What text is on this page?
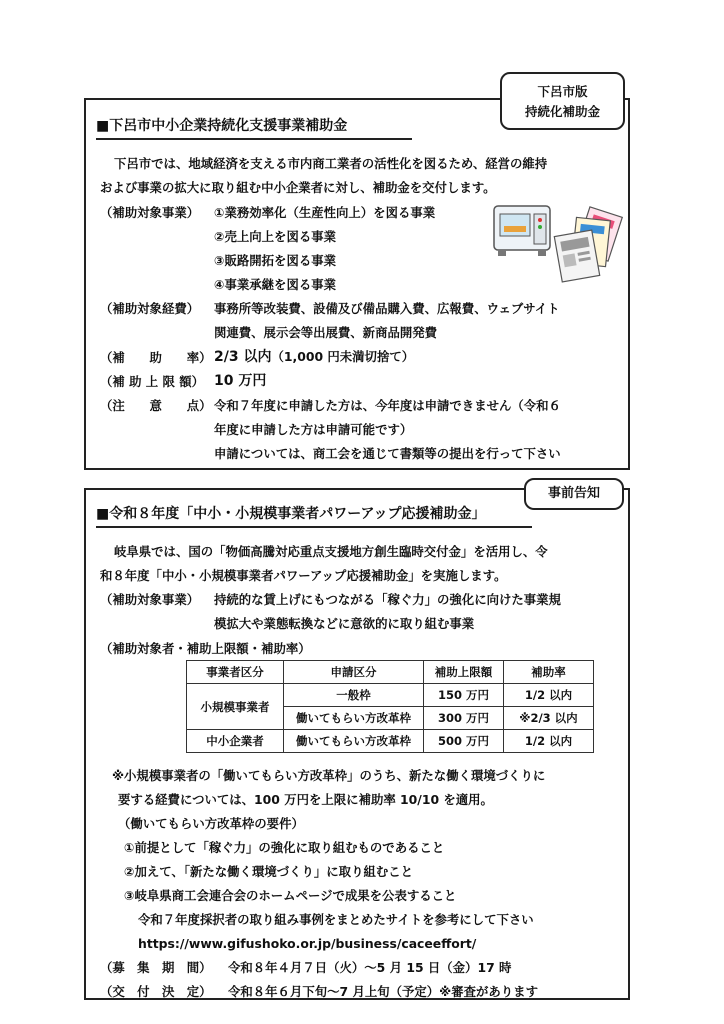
下呂市版
持続化補助金
■下呂市中小企業持続化支援事業補助金
下呂市では、地域経済を支える市内商工業者の活性化を図るため、経営の維持
および事業の拡大に取り組む中小企業者に対し、補助金を交付します。
（補助対象事業） ①業務効率化（生産性向上）を図る事業
②売上向上を図る事業
③販路開拓を図る事業
④事業承継を図る事業
（補助対象経費） 事務所等改装費、設備及び備品購入費、広報費、ウェブサイト
関連費、展示会等出展費、新商品開発費
（補　　助　　率） 2/3 以内（1,000 円未満切捨て）
（補 助 上 限 額） 10 万円
（注　　意　　点） 令和７年度に申請した方は、今年度は申請できません（令和６
年度に申請した方は申請可能です）
申請については、商工会を通じて書類等の提出を行って下さい
事前告知
■令和８年度「中小・小規模事業者パワーアップ応援補助金」
岐阜県では、国の「物価高騰対応重点支援地方創生臨時交付金」を活用し、令
和８年度「中小・小規模事業者パワーアップ応援補助金」を実施します。
（補助対象事業） 持続的な賃上げにもつながる「稼ぐ力」の強化に向けた事業規
模拡大や業態転換などに意欲的に取り組む事業
（補助対象者・補助上限額・補助率）
事業者区分	申請区分	補助上限額	補助率
小規模事業者	一般枠	150 万円	1/2 以内
	働いてもらい方改革枠	300 万円	※2/3 以内
中小企業者	働いてもらい方改革枠	500 万円	1/2 以内
※小規模事業者の「働いてもらい方改革枠」のうち、新たな働く環境づくりに
要する経費については、100 万円を上限に補助率 10/10 を適用。
（働いてもらい方改革枠の要件）
①前提として「稼ぐ力」の強化に取り組むものであること
②加えて、「新たな働く環境づくり」に取り組むこと
③岐阜県商工会連合会のホームページで成果を公表すること
令和７年度採択者の取り組み事例をまとめたサイトを参考にして下さい
https://www.gifushoko.or.jp/business/caceeffort/
（募　集　期　間） 令和８年４月７日（火）～5 月 15 日（金）17 時
（交　付　決　定） 令和８年６月下旬～7 月上旬（予定）※審査があります
